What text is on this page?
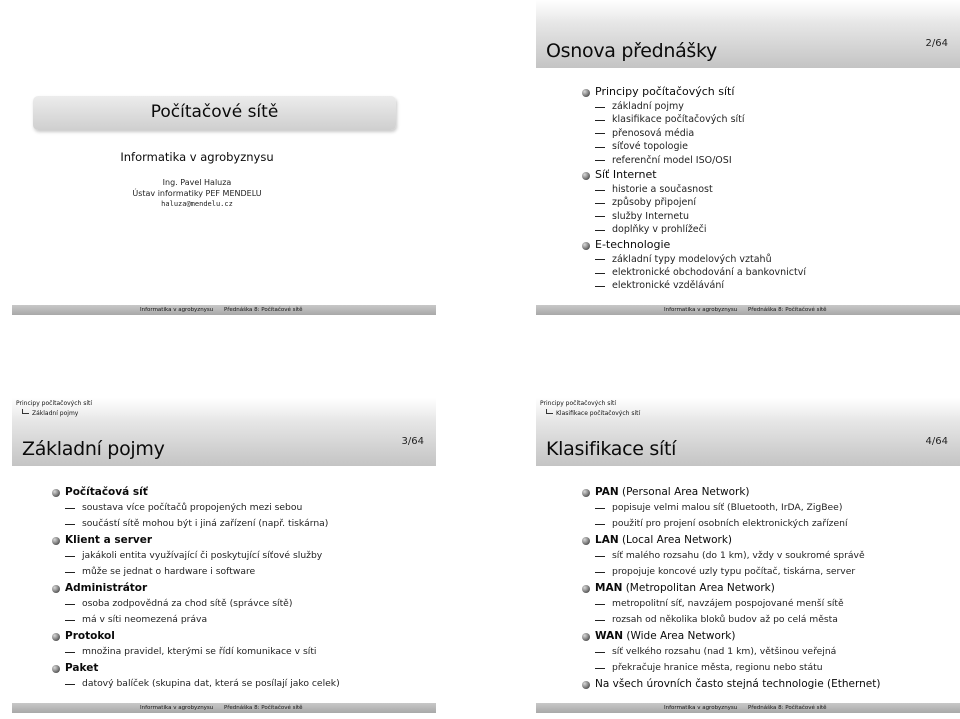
Počítačové sítě
Informatika v agrobyznysu
Ing. Pavel Haluza
Ústav informatiky PEF MENDELU
haluza@mendelu.cz
Informatika v agrobyznysu Přednáška 8: Počítačové sítě
Osnova přednášky	2/64
Principy počítačových sítí
základní pojmy
klasifikace počítačových sítí
přenosová média
síťové topologie
referenční model ISO/OSI
Síť Internet
historie a současnost
způsoby připojení
služby Internetu
doplňky v prohlížeči
E-technologie
základní typy modelových vztahů
elektronické obchodování a bankovnictví
elektronické vzdělávání
Informatika v agrobyznysu Přednáška 8: Počítačové sítě
Principy počítačových sítí
Základní pojmy
Základní pojmy	3/64
Počítačová síť
soustava více počítačů propojených mezi sebou
součástí sítě mohou být i jiná zařízení (např. tiskárna)
Klient a server
jakákoli entita využívající či poskytující síťové služby
může se jednat o hardware i software
Administrátor
osoba zodpovědná za chod sítě (správce sítě)
má v síti neomezená práva
Protokol
množina pravidel, kterými se řídí komunikace v síti
Paket
datový balíček (skupina dat, která se posílají jako celek)
Informatika v agrobyznysu Přednáška 8: Počítačové sítě
Principy počítačových sítí
Klasifikace počítačových sítí
Klasifikace sítí	4/64
PAN (Personal Area Network)
popisuje velmi malou síť (Bluetooth, IrDA, ZigBee)
použití pro projení osobních elektronických zařízení
LAN (Local Area Network)
síť malého rozsahu (do 1 km), vždy v soukromé správě
propojuje koncové uzly typu počítač, tiskárna, server
MAN (Metropolitan Area Network)
metropolitní síť, navzájem pospojované menší sítě
rozsah od několika bloků budov až po celá města
WAN (Wide Area Network)
síť velkého rozsahu (nad 1 km), většinou veřejná
překračuje hranice města, regionu nebo státu
Na všech úrovních často stejná technologie (Ethernet)
Informatika v agrobyznysu Přednáška 8: Počítačové sítě
